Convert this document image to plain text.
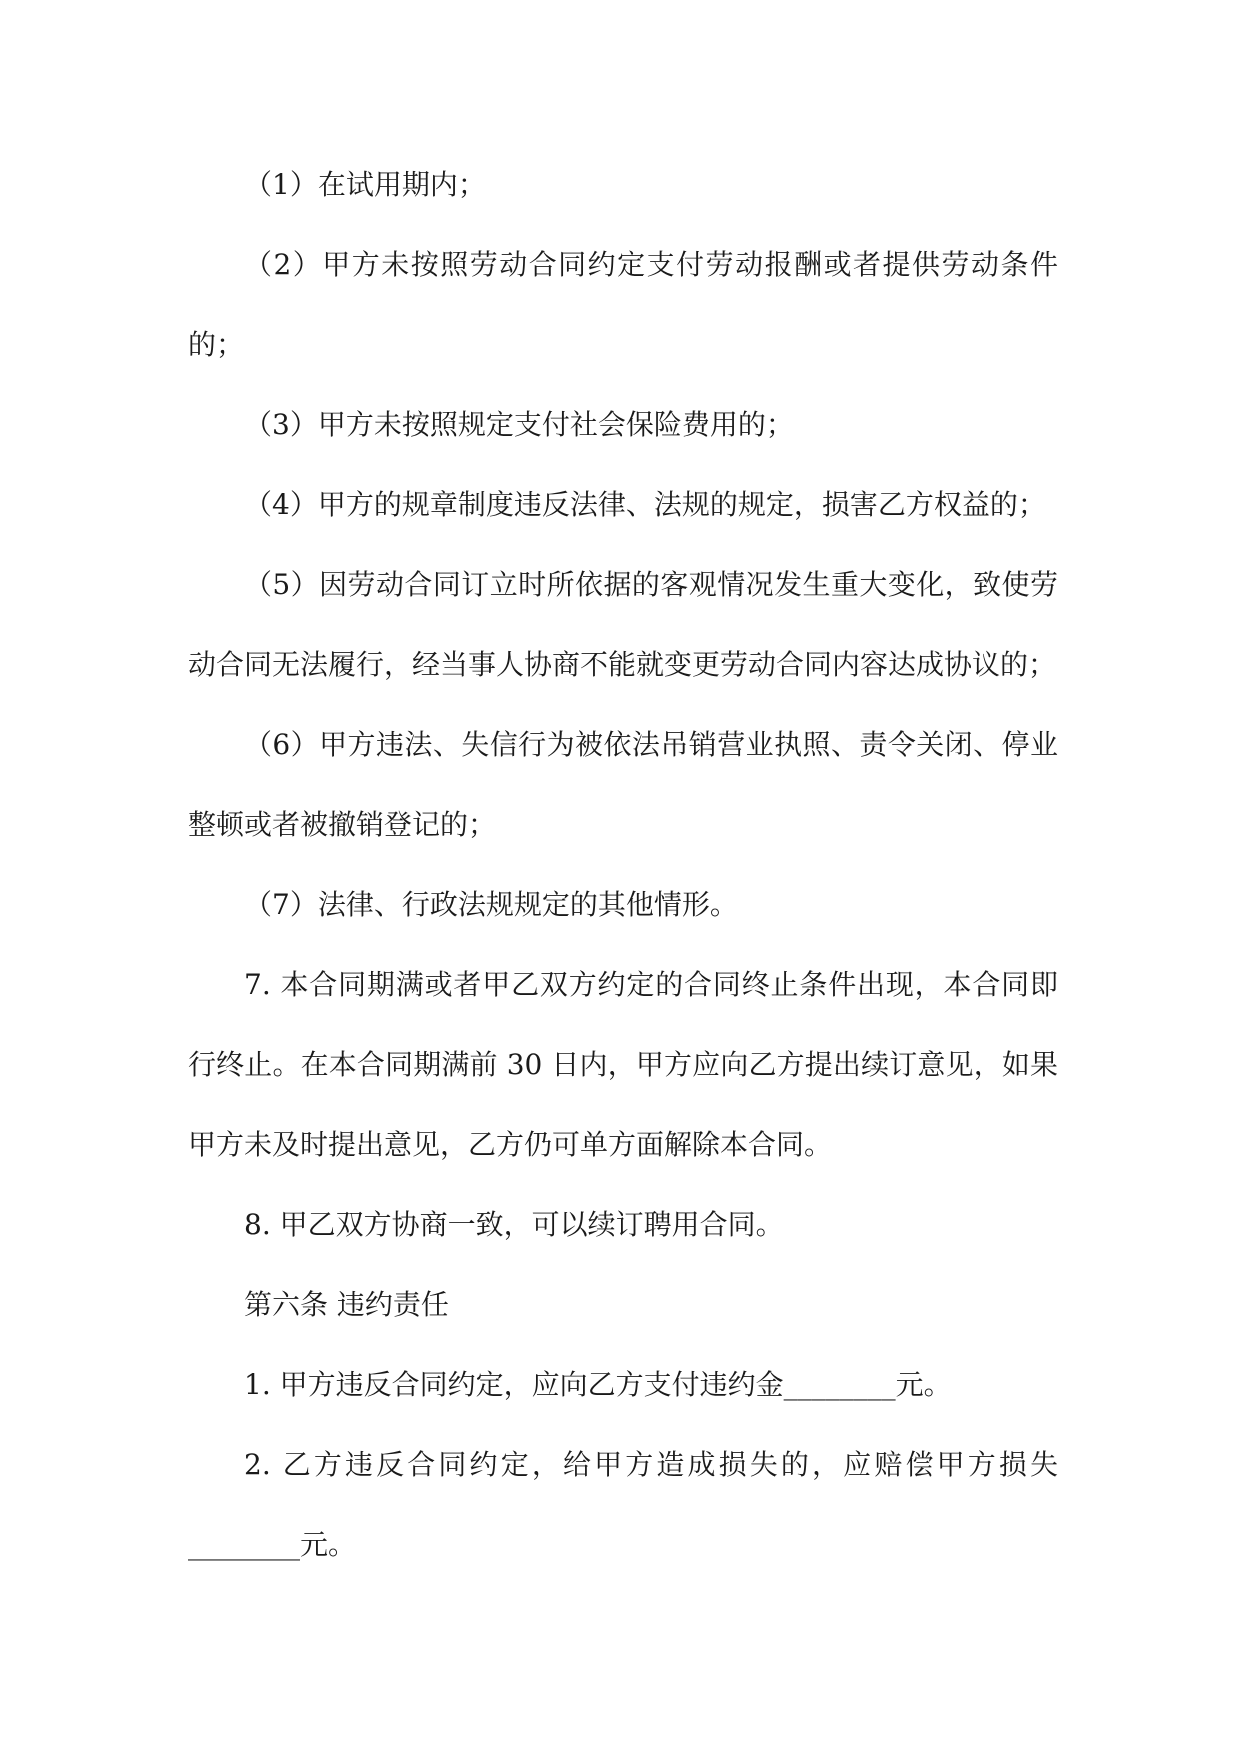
（1）在试用期内；

（2）甲方未按照劳动合同约定支付劳动报酬或者提供劳动条件的；

（3）甲方未按照规定支付社会保险费用的；

（4）甲方的规章制度违反法律、法规的规定，损害乙方权益的；

（5）因劳动合同订立时所依据的客观情况发生重大变化，致使劳动合同无法履行，经当事人协商不能就变更劳动合同内容达成协议的；

（6）甲方违法、失信行为被依法吊销营业执照、责令关闭、停业整顿或者被撤销登记的；

（7）法律、行政法规规定的其他情形。

7. 本合同期满或者甲乙双方约定的合同终止条件出现，本合同即行终止。在本合同期满前 30 日内，甲方应向乙方提出续订意见，如果甲方未及时提出意见，乙方仍可单方面解除本合同。

8. 甲乙双方协商一致，可以续订聘用合同。

第六条 违约责任

1. 甲方违反合同约定，应向乙方支付违约金________元。

2. 乙方违反合同约定，给甲方造成损失的，应赔偿甲方损失________元。
